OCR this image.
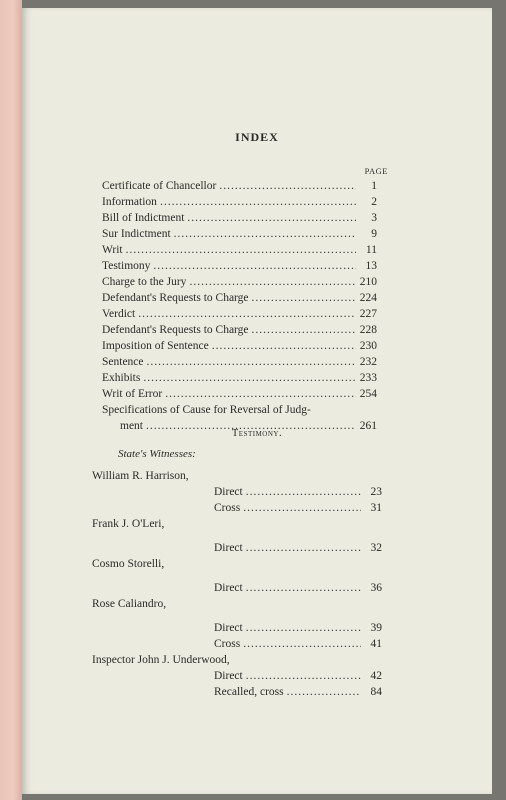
INDEX
PAGE
Certificate of Chancellor .....	1
Information .....	2
Bill of Indictment .....	3
Sur Indictment .....	9
Writ .....	11
Testimony .....	13
Charge to the Jury .....	210
Defendant's Requests to Charge .....	224
Verdict .....	227
Defendant's Requests to Charge .....	228
Imposition of Sentence .....	230
Sentence .....	232
Exhibits .....	233
Writ of Error .....	254
Specifications of Cause for Reversal of Judg-
ment .....	261
Testimony.
State's Witnesses:
William R. Harrison,
Direct .....	23
Cross .....	31
Frank J. O'Leri,
Direct .....	32
Cosmo Storelli,
Direct .....	36
Rose Caliandro,
Direct .....	39
Cross .....	41
Inspector John J. Underwood,
Direct .....	42
Recalled, cross .....	84
